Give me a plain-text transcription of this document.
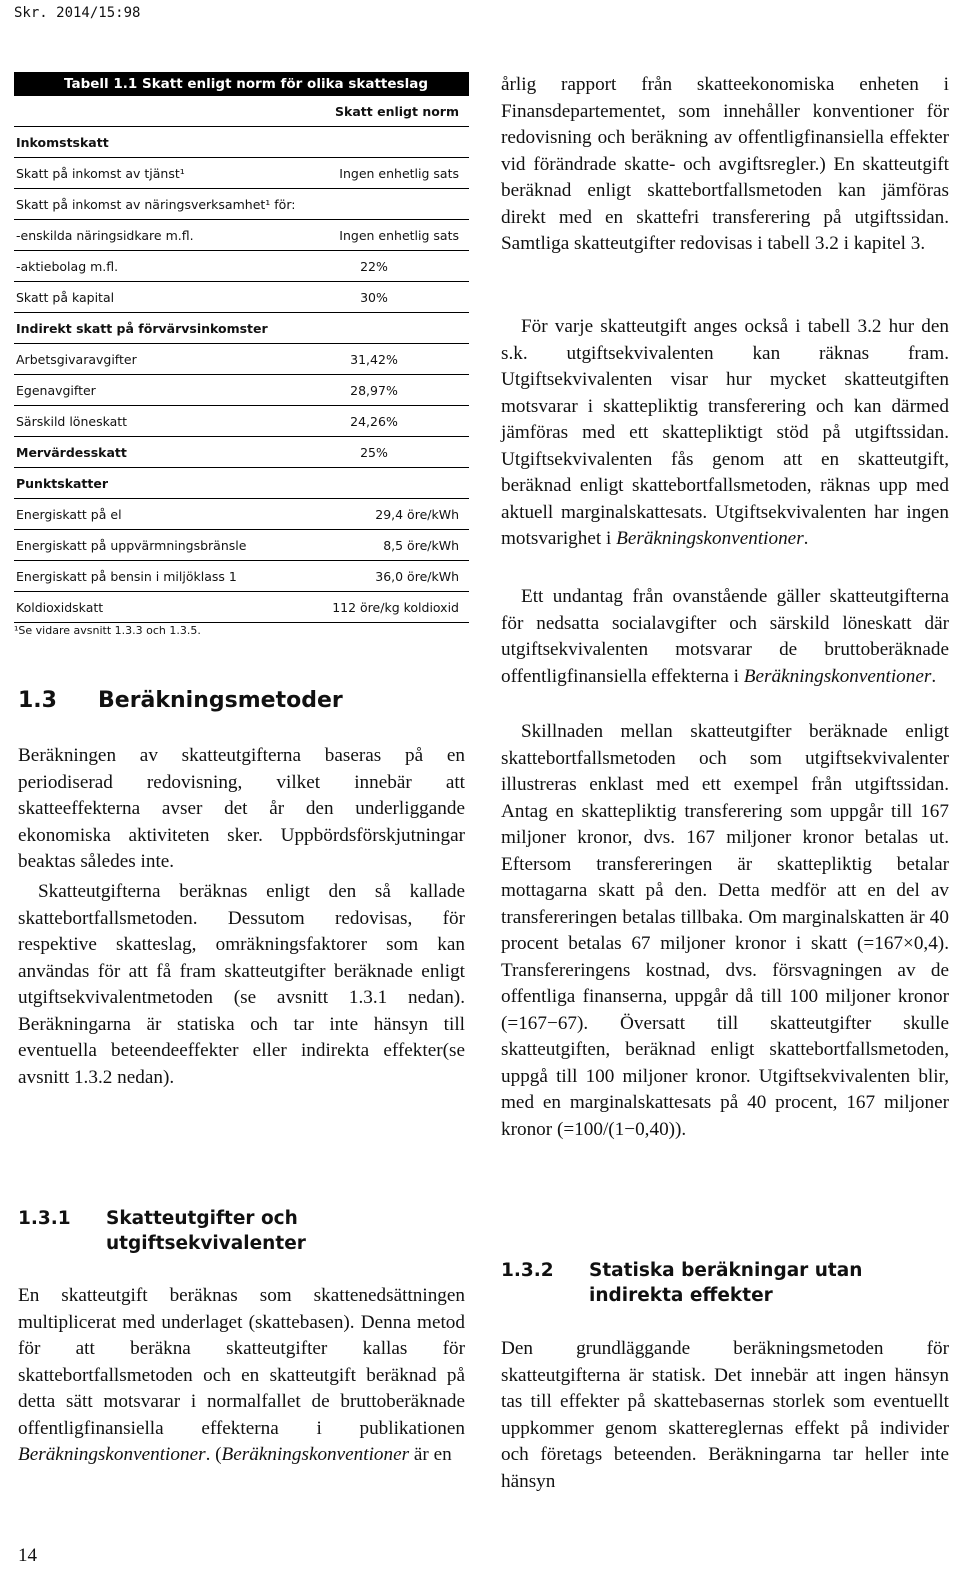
Skr. 2014/15:98
Tabell 1.1 Skatt enligt norm för olika skatteslag 2015
Skatt enligt norm
Inkomstskatt
Skatt på inkomst av tjänst¹	Ingen enhetlig sats
Skatt på inkomst av näringsverksamhet¹ för:
-enskilda näringsidkare m.fl.	Ingen enhetlig sats
-aktiebolag m.fl.	22%
Skatt på kapital	30%
Indirekt skatt på förvärvsinkomster
Arbetsgivaravgifter	31,42%
Egenavgifter	28,97%
Särskild löneskatt	24,26%
Mervärdesskatt	25%
Punktskatter
Energiskatt på el	29,4 öre/kWh
Energiskatt på uppvärmningsbränsle	8,5 öre/kWh
Energiskatt på bensin i miljöklass 1	36,0 öre/kWh
Koldioxidskatt	112 öre/kg koldioxid
¹Se vidare avsnitt 1.3.3 och 1.3.5.
1.3 Beräkningsmetoder
Beräkningen av skatteutgifterna baseras på en periodiserad redovisning, vilket innebär att skatteeffekterna avser det år den underliggande ekonomiska aktiviteten sker. Uppbördsförskjutningar beaktas således inte.
Skatteutgifterna beräknas enligt den så kallade skattebortfallsmetoden. Dessutom redovisas, för respektive skatteslag, omräkningsfaktorer som kan användas för att få fram skatteutgifter beräknade enligt utgiftsekvivalentmetoden (se avsnitt 1.3.1 nedan). Beräkningarna är statiska och tar inte hänsyn till eventuella beteendeeffekter eller indirekta effekter(se avsnitt 1.3.2 nedan).
1.3.1	Skatteutgifter och utgiftsekvivalenter
En skatteutgift beräknas som skattenedsättningen multiplicerat med underlaget (skattebasen). Denna metod för att beräkna skatteutgifter kallas för skattebortfallsmetoden och en skatteutgift beräknad på detta sätt motsvarar i normalfallet de bruttoberäknade offentligfinansiella effekterna i publikationen Beräkningskonventioner. (Beräkningskonventioner är en
årlig rapport från skatteekonomiska enheten i Finansdepartementet, som innehåller konventioner för redovisning och beräkning av offentligfinansiella effekter vid förändrade skatte- och avgiftsregler.) En skatteutgift beräknad enligt skattebortfallsmetoden kan jämföras direkt med en skattefri transferering på utgiftssidan. Samtliga skatteutgifter redovisas i tabell 3.2 i kapitel 3.
För varje skatteutgift anges också i tabell 3.2 hur den s.k. utgiftsekvivalenten kan räknas fram. Utgiftsekvivalenten visar hur mycket skatteutgiften motsvarar i skattepliktig transferering och kan därmed jämföras med ett skattepliktigt stöd på utgiftssidan. Utgiftsekvivalenten fås genom att en skatteutgift, beräknad enligt skattebortfallsmetoden, räknas upp med aktuell marginalskattesats. Utgiftsekvivalenten har ingen motsvarighet i Beräkningskonventioner.
Ett undantag från ovanstående gäller skatteutgifterna för nedsatta socialavgifter och särskild löneskatt där utgiftsekvivalenten motsvarar de bruttoberäknade offentligfinansiella effekterna i Beräkningskonventioner.
Skillnaden mellan skatteutgifter beräknade enligt skattebortfallsmetoden och som utgiftsekvivalenter illustreras enklast med ett exempel från utgiftssidan. Antag en skattepliktig transferering som uppgår till 167 miljoner kronor, dvs. 167 miljoner kronor betalas ut. Eftersom transfereringen är skattepliktig betalar mottagarna skatt på den. Detta medför att en del av transfereringen betalas tillbaka. Om marginalskatten är 40 procent betalas 67 miljoner kronor i skatt (=167×0,4). Transfereringens kostnad, dvs. försvagningen av de offentliga finanserna, uppgår då till 100 miljoner kronor (=167−67). Översatt till skatteutgifter skulle skatteutgiften, beräknad enligt skattebortfallsmetoden, uppgå till 100 miljoner kronor. Utgiftsekvivalenten blir, med en marginalskattesats på 40 procent, 167 miljoner kronor (=100/(1−0,40)).
1.3.2	Statiska beräkningar utan indirekta effekter
Den grundläggande beräkningsmetoden för skatteutgifterna är statisk. Det innebär att ingen hänsyn tas till effekter på skattebasernas storlek som eventuellt uppkommer genom skattereglernas effekt på individer och företags beteenden. Beräkningarna tar heller inte hänsyn
14
